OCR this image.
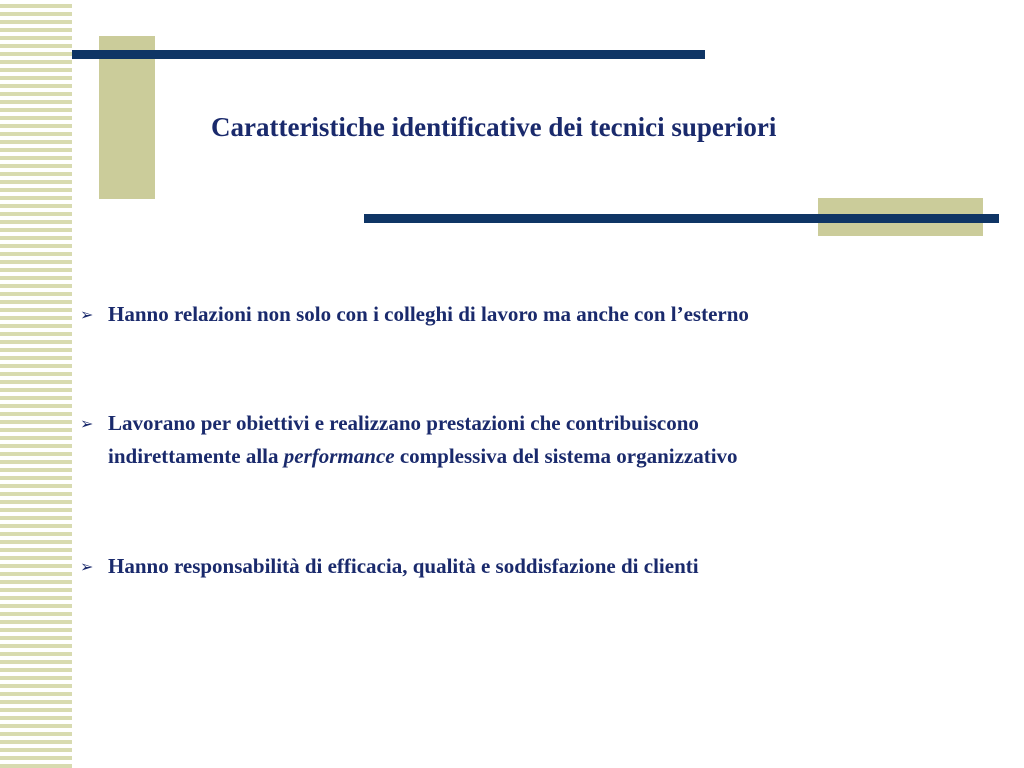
Caratteristiche identificative dei tecnici superiori
➢ Hanno relazioni non solo con i colleghi di lavoro ma anche con l’esterno
➢ Lavorano per obiettivi e realizzano prestazioni che contribuiscono
indirettamente alla performance complessiva del sistema organizzativo
➢ Hanno responsabilità di efficacia, qualità e soddisfazione di clienti
